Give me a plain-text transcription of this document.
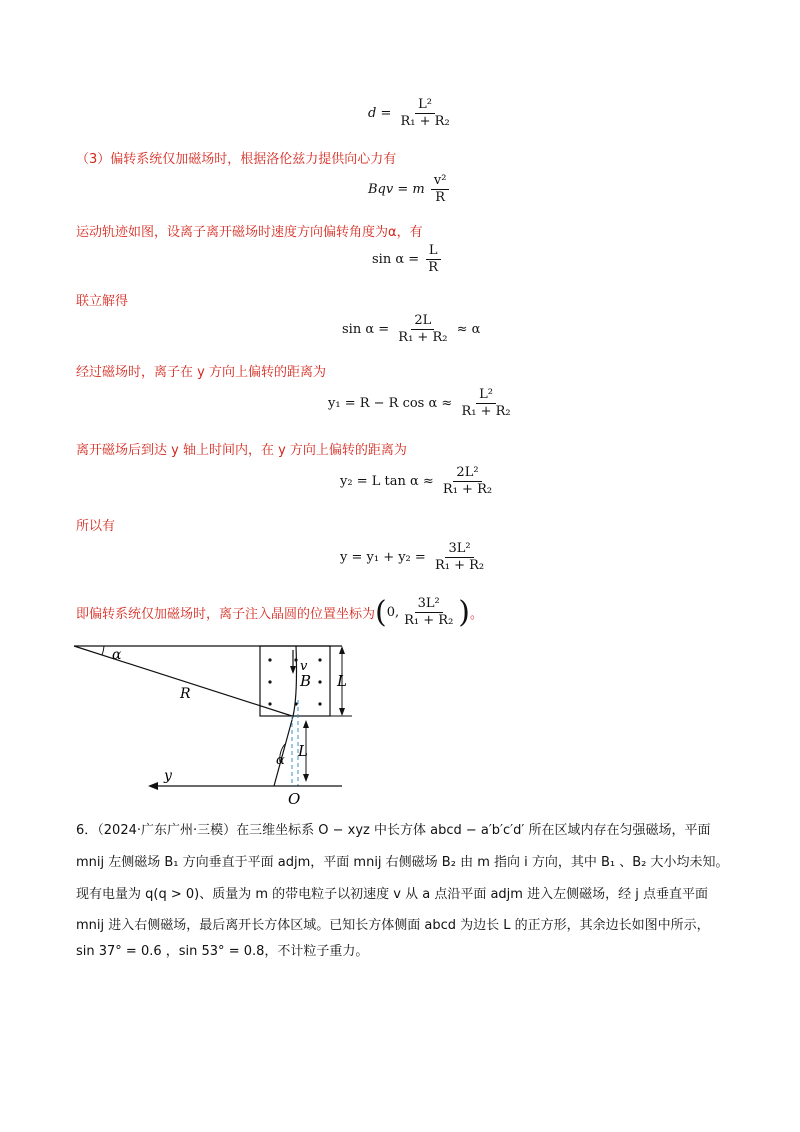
$d = \frac{\text{L²}}{\text{R₁ + R₂}}$
（3）偏转系统仅加磁场时，根据洛伦兹力提供向心力有
Bqv = m $\frac{\text{v²}}{R}$
运动轨迹如图，设离子离开磁场时速度方向偏转角度为α，有
$\sin \alpha = \frac{L}{R}$
联立解得
$\sin \alpha = \frac{2L}{\text{R₁ + R₂}} \approx \alpha$
经过磁场时，离子在 y 方向上偏转的距离为
y₁ = R − R $\cos \alpha \approx \frac{\text{L²}}{\text{R₁ + R₂}}$
离开磁场后到达 y 轴上时间内，在 y 方向上偏转的距离为
y₂ = L $\tan \alpha \approx \frac{\text{2L²}}{\text{R₁ + R₂}}$
所以有
$y = y_1 + y_2 = \frac{\text{3L²}}{\text{R₁ + R₂}}$
即偏转系统仅加磁场时，离子注入晶圆的位置坐标为 ( 0, $\frac{\text{3L²}}{\text{R₁ + R₂}}$ ) 。
α
R
v
B L
L
α
y
O
6．（2024·广东广州·三模）在三维坐标系 O − xyz 中长方体 abcd − a′b′c′d′ 所在区域内存在匀强磁场，平面
mnij 左侧磁场 B₁ 方向垂直于平面 adjm，平面 mnij 右侧磁场 B₂ 由 m 指向 i 方向，其中 B₁ 、B₂ 大小均未知。
现有电量为 q(q > 0)、质量为 m 的带电粒子以初速度 v 从 a 点沿平面 adjm 进入左侧磁场，经 j 点垂直平面
mnij 进入右侧磁场，最后离开长方体区域。已知长方体侧面 abcd 为边长 L 的正方形，其余边长如图中所示，
sin 37° = 0.6 ，sin 53° = 0.8，不计粒子重力。
